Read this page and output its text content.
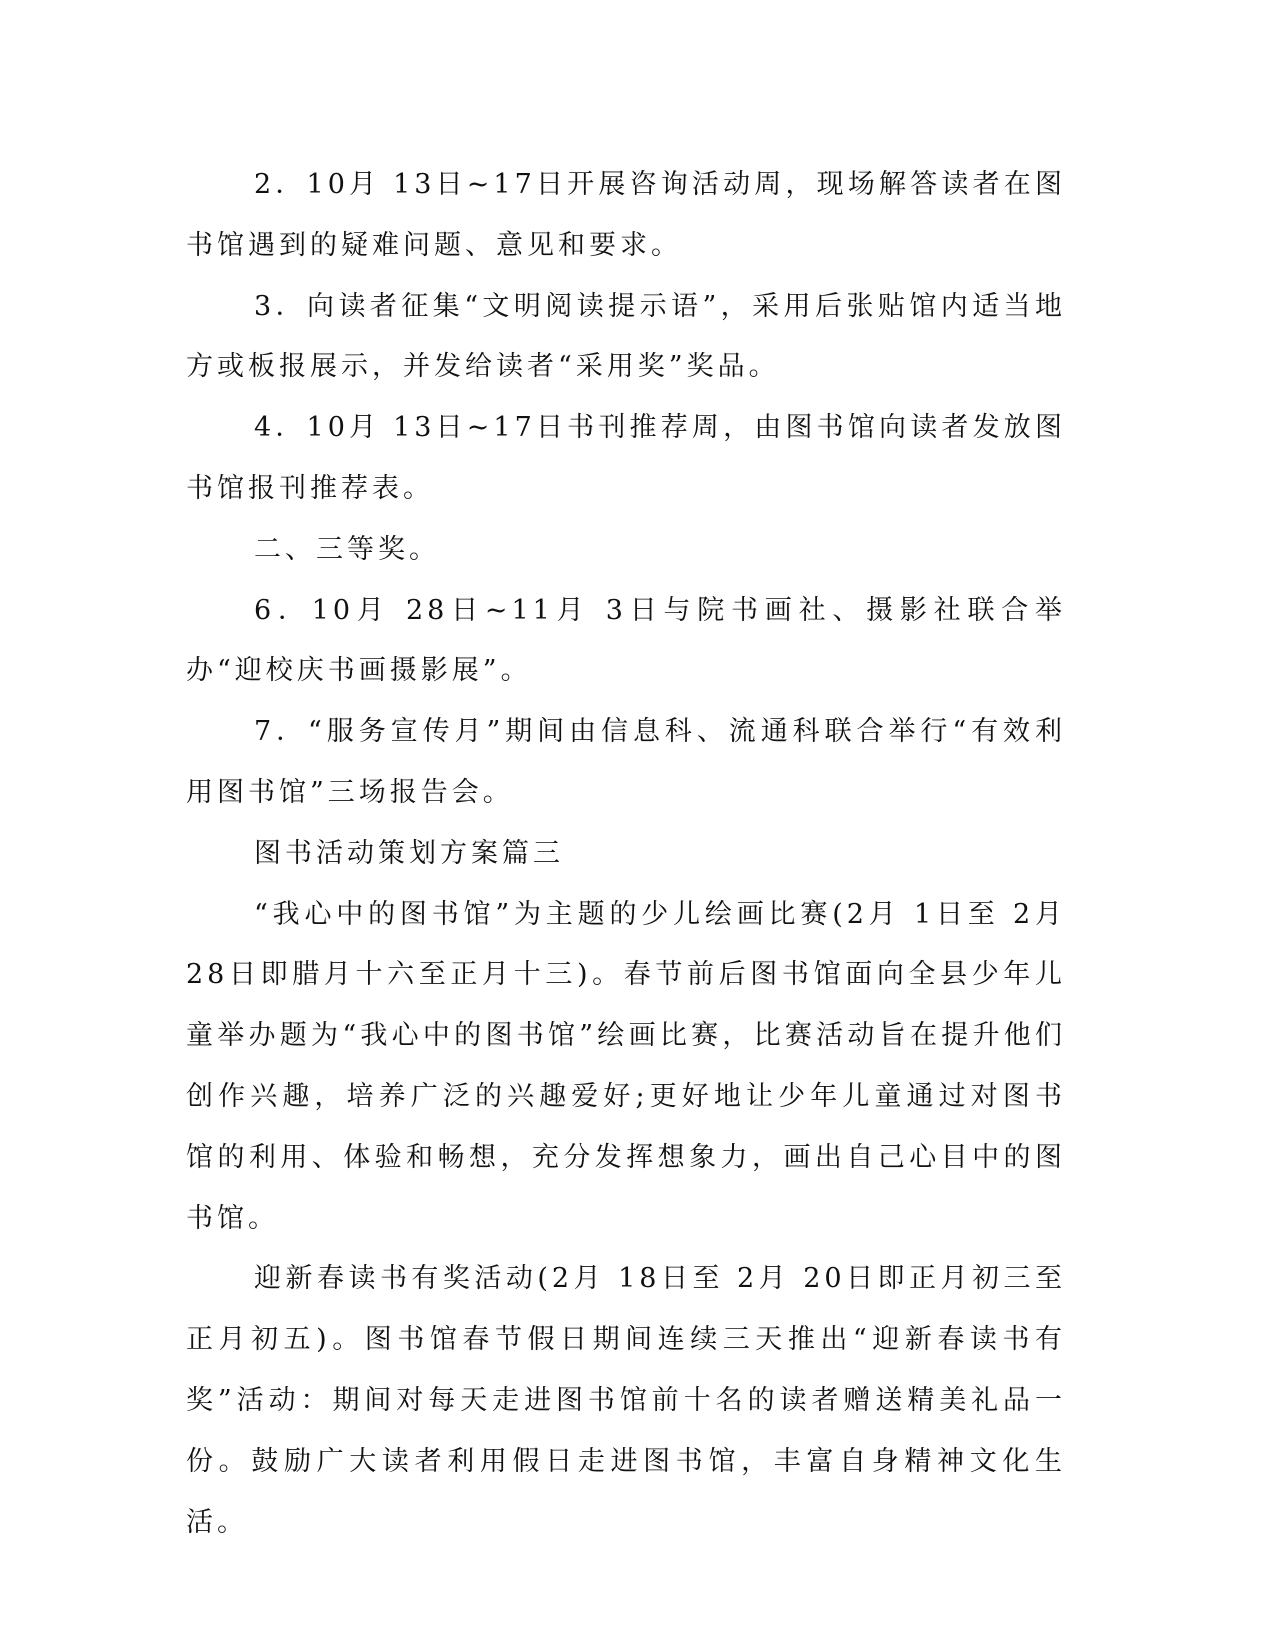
2．10月 13日~17日开展咨询活动周，现场解答读者在图书馆遇到的疑难问题、意见和要求。

3．向读者征集“文明阅读提示语”，采用后张贴馆内适当地方或板报展示，并发给读者“采用奖”奖品。

4．10月 13日~17日书刊推荐周，由图书馆向读者发放图书馆报刊推荐表。

二、三等奖。

6．10月 28日~11月 3日与院书画社、摄影社联合举办“迎校庆书画摄影展”。

7．“服务宣传月”期间由信息科、流通科联合举行“有效利用图书馆”三场报告会。

图书活动策划方案篇三

“我心中的图书馆”为主题的少儿绘画比赛(2月 1日至 2月 28日即腊月十六至正月十三)。春节前后图书馆面向全县少年儿童举办题为“我心中的图书馆”绘画比赛，比赛活动旨在提升他们创作兴趣，培养广泛的兴趣爱好;更好地让少年儿童通过对图书馆的利用、体验和畅想，充分发挥想象力，画出自己心目中的图书馆。

迎新春读书有奖活动(2月 18日至 2月 20日即正月初三至正月初五)。图书馆春节假日期间连续三天推出“迎新春读书有奖”活动：期间对每天走进图书馆前十名的读者赠送精美礼品一份。鼓励广大读者利用假日走进图书馆，丰富自身精神文化生活。
